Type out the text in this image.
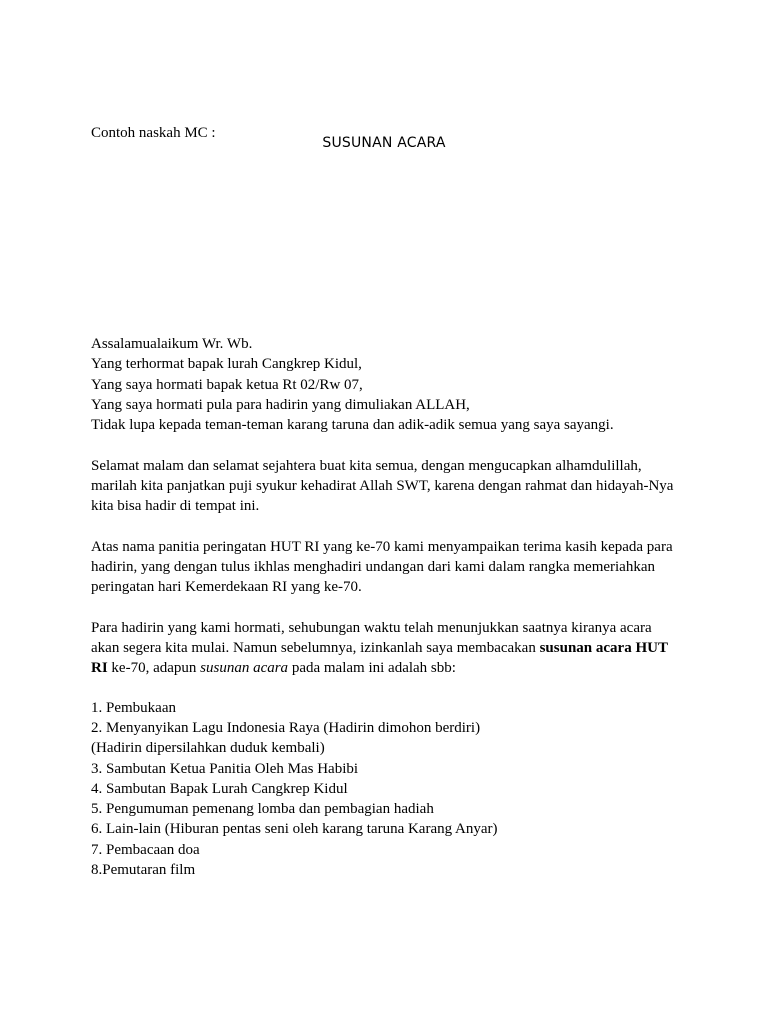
Contoh naskah MC :
SUSUNAN ACARA
Assalamualaikum Wr. Wb.
Yang terhormat bapak lurah Cangkrep Kidul,
Yang saya hormati bapak ketua Rt 02/Rw 07,
Yang saya hormati pula para hadirin yang dimuliakan ALLAH,
Tidak lupa kepada teman-teman karang taruna dan adik-adik semua yang saya sayangi.
Selamat malam dan selamat sejahtera buat kita semua, dengan mengucapkan alhamdulillah,
marilah kita panjatkan puji syukur kehadirat Allah SWT, karena dengan rahmat dan hidayah-Nya
kita bisa hadir di tempat ini.
Atas nama panitia peringatan HUT RI yang ke-70 kami menyampaikan terima kasih kepada para
hadirin, yang dengan tulus ikhlas menghadiri undangan dari kami dalam rangka memeriahkan
peringatan hari Kemerdekaan RI yang ke-70.
Para hadirin yang kami hormati, sehubungan waktu telah menunjukkan saatnya kiranya acara
akan segera kita mulai. Namun sebelumnya, izinkanlah saya membacakan susunan acara HUT
RI ke-70, adapun susunan acara pada malam ini adalah sbb:
1. Pembukaan
2. Menyanyikan Lagu Indonesia Raya (Hadirin dimohon berdiri)
(Hadirin dipersilahkan duduk kembali)
3. Sambutan Ketua Panitia Oleh Mas Habibi
4. Sambutan Bapak Lurah Cangkrep Kidul
5. Pengumuman pemenang lomba dan pembagian hadiah
6. Lain-lain (Hiburan pentas seni oleh karang taruna Karang Anyar)
7. Pembacaan doa
8.Pemutaran film
